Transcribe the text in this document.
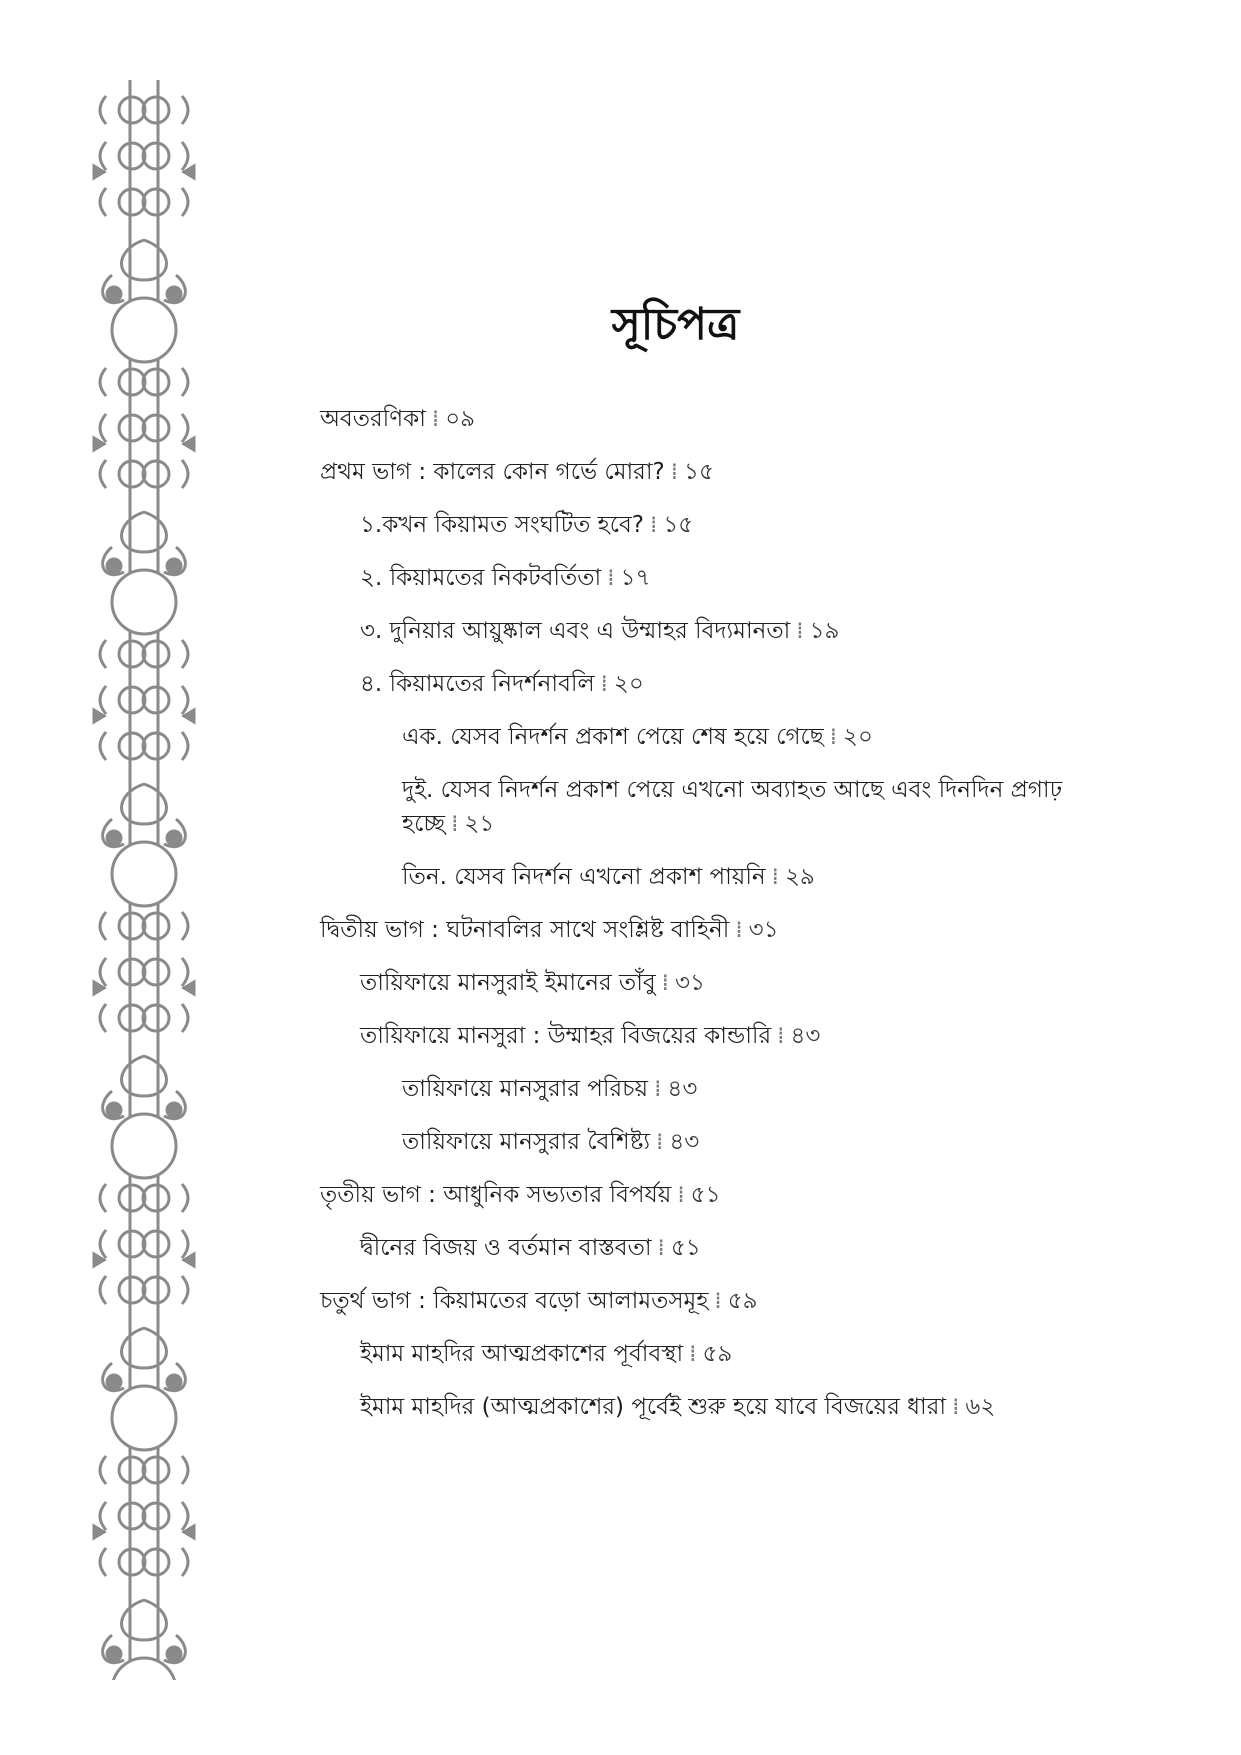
সূচিপত্র
অবতরণিকা ⁞ ০৯
প্রথম ভাগ : কালের কোন গর্ভে মোরা? ⁞ ১৫
১.কখন কিয়ামত সংঘটিত হবে? ⁞ ১৫
২. কিয়ামতের নিকটবর্তিতা ⁞ ১৭
৩. দুনিয়ার আয়ুষ্কাল এবং এ উম্মাহর বিদ্যমানতা ⁞ ১৯
৪. কিয়ামতের নিদর্শনাবলি ⁞ ২০
এক. যেসব নিদর্শন প্রকাশ পেয়ে শেষ হয়ে গেছে ⁞ ২০
দুই. যেসব নিদর্শন প্রকাশ পেয়ে এখনো অব্যাহত আছে এবং দিনদিন প্রগাঢ় হচ্ছে ⁞ ২১
তিন. যেসব নিদর্শন এখনো প্রকাশ পায়নি ⁞ ২৯
দ্বিতীয় ভাগ : ঘটনাবলির সাথে সংশ্লিষ্ট বাহিনী ⁞ ৩১
তায়িফায়ে মানসুরাই ইমানের তাঁবু ⁞ ৩১
তায়িফায়ে মানসুরা : উম্মাহর বিজয়ের কান্ডারি ⁞ ৪৩
তায়িফায়ে মানসুরার পরিচয় ⁞ ৪৩
তায়িফায়ে মানসুরার বৈশিষ্ট্য ⁞ ৪৩
তৃতীয় ভাগ : আধুনিক সভ্যতার বিপর্যয় ⁞ ৫১
দ্বীনের বিজয় ও বর্তমান বাস্তবতা ⁞ ৫১
চতুর্থ ভাগ : কিয়ামতের বড়ো আলামতসমূহ ⁞ ৫৯
ইমাম মাহদির আত্মপ্রকাশের পূর্বাবস্থা ⁞ ৫৯
ইমাম মাহদির (আত্মপ্রকাশের) পূর্বেই শুরু হয়ে যাবে বিজয়ের ধারা ⁞ ৬২
